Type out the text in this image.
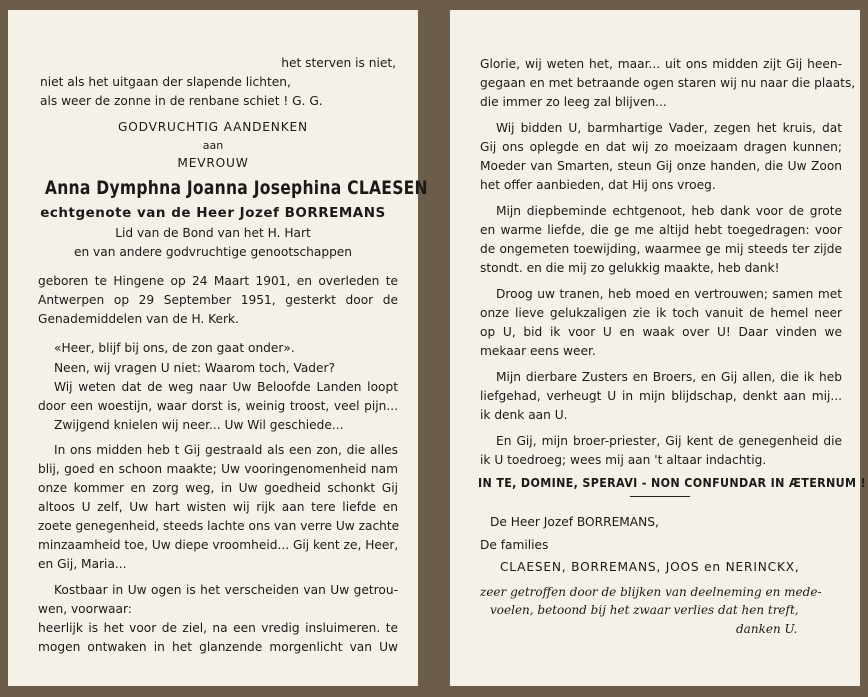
het sterven is niet,
niet als het uitgaan der slapende lichten,
als weer de zonne in de renbane schiet ! G. G.
GODVRUCHTIG AANDENKEN
aan
MEVROUW
Anna Dymphna Joanna Josephina CLAESEN
echtgenote van de Heer Jozef BORREMANS
Lid van de Bond van het H. Hart
en van andere godvruchtige genootschappen
geboren te Hingene op 24 Maart 1901, en overleden te
Antwerpen op 29 September 1951, gesterkt door de
Genademiddelen van de H. Kerk.
«Heer, blijf bij ons, de zon gaat onder».
Neen, wij vragen U niet: Waarom toch, Vader?
Wij weten dat de weg naar Uw Beloofde Landen loopt
door een woestijn, waar dorst is, weinig troost, veel pijn...
Zwijgend knielen wij neer... Uw Wil geschiede...
In ons midden heb t Gij gestraald als een zon, die alles
blij, goed en schoon maakte; Uw vooringenomenheid nam
onze kommer en zorg weg, in Uw goedheid schonkt Gij
altoos U zelf, Uw hart wisten wij rijk aan tere liefde en
zoete genegenheid, steeds lachte ons van verre Uw zachte
minzaamheid toe, Uw diepe vroomheid... Gij kent ze, Heer,
en Gij, Maria...
Kostbaar in Uw ogen is het verscheiden van Uw getrou-
wen, voorwaar:
heerlijk is het voor de ziel, na een vredig insluimeren. te
mogen ontwaken in het glanzende morgenlicht van Uw
Glorie, wij weten het, maar... uit ons midden zijt Gij heen-
gegaan en met betraande ogen staren wij nu naar die plaats,
die immer zo leeg zal blijven...
Wij bidden U, barmhartige Vader, zegen het kruis, dat
Gij ons oplegde en dat wij zo moeizaam dragen kunnen;
Moeder van Smarten, steun Gij onze handen, die Uw Zoon
het offer aanbieden, dat Hij ons vroeg.
Mijn diepbeminde echtgenoot, heb dank voor de grote
en warme liefde, die ge me altijd hebt toegedragen: voor
de ongemeten toewijding, waarmee ge mij steeds ter zijde
stondt. en die mij zo gelukkig maakte, heb dank!
Droog uw tranen, heb moed en vertrouwen; samen met
onze lieve gelukzaligen zie ik toch vanuit de hemel neer
op U, bid ik voor U en waak over U! Daar vinden we
mekaar eens weer.
Mijn dierbare Zusters en Broers, en Gij allen, die ik heb
liefgehad, verheugt U in mijn blijdschap, denkt aan mij...
ik denk aan U.
En Gij, mijn broer-priester, Gij kent de genegenheid die
ik U toedroeg; wees mij aan 't altaar indachtig.
IN TE, DOMINE, SPERAVI - NON CONFUNDAR IN ÆTERNUM !
De Heer Jozef BORREMANS,
De families
CLAESEN, BORREMANS, JOOS en NERINCKX,
zeer getroffen door de blijken van deelneming en mede-
voelen, betoond bij het zwaar verlies dat hen treft,
danken U.
